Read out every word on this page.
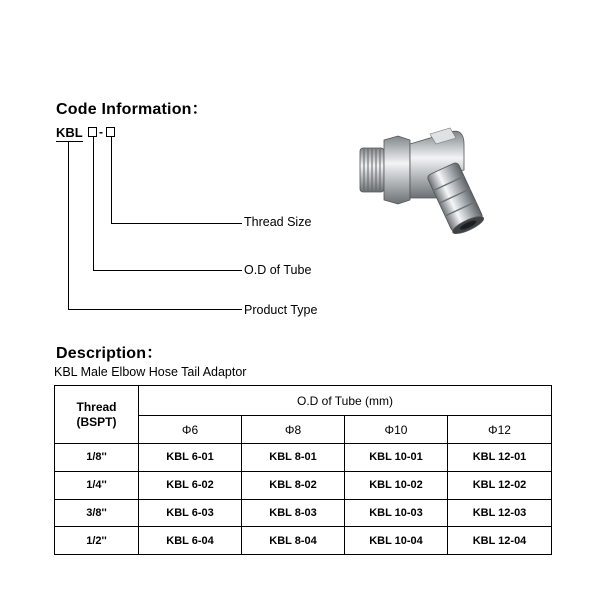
Code Information：
KBL -
Thread Size
O.D of Tube
Product Type
Description：
KBL Male Elbow Hose Tail Adaptor
Thread
(BSPT)	O.D of Tube (mm)			
	Φ6	Φ8	Φ10	Φ12
1/8''	KBL 6-01	KBL 8-01	KBL 10-01	KBL 12-01
1/4''	KBL 6-02	KBL 8-02	KBL 10-02	KBL 12-02
3/8''	KBL 6-03	KBL 8-03	KBL 10-03	KBL 12-03
1/2''	KBL 6-04	KBL 8-04	KBL 10-04	KBL 12-04
